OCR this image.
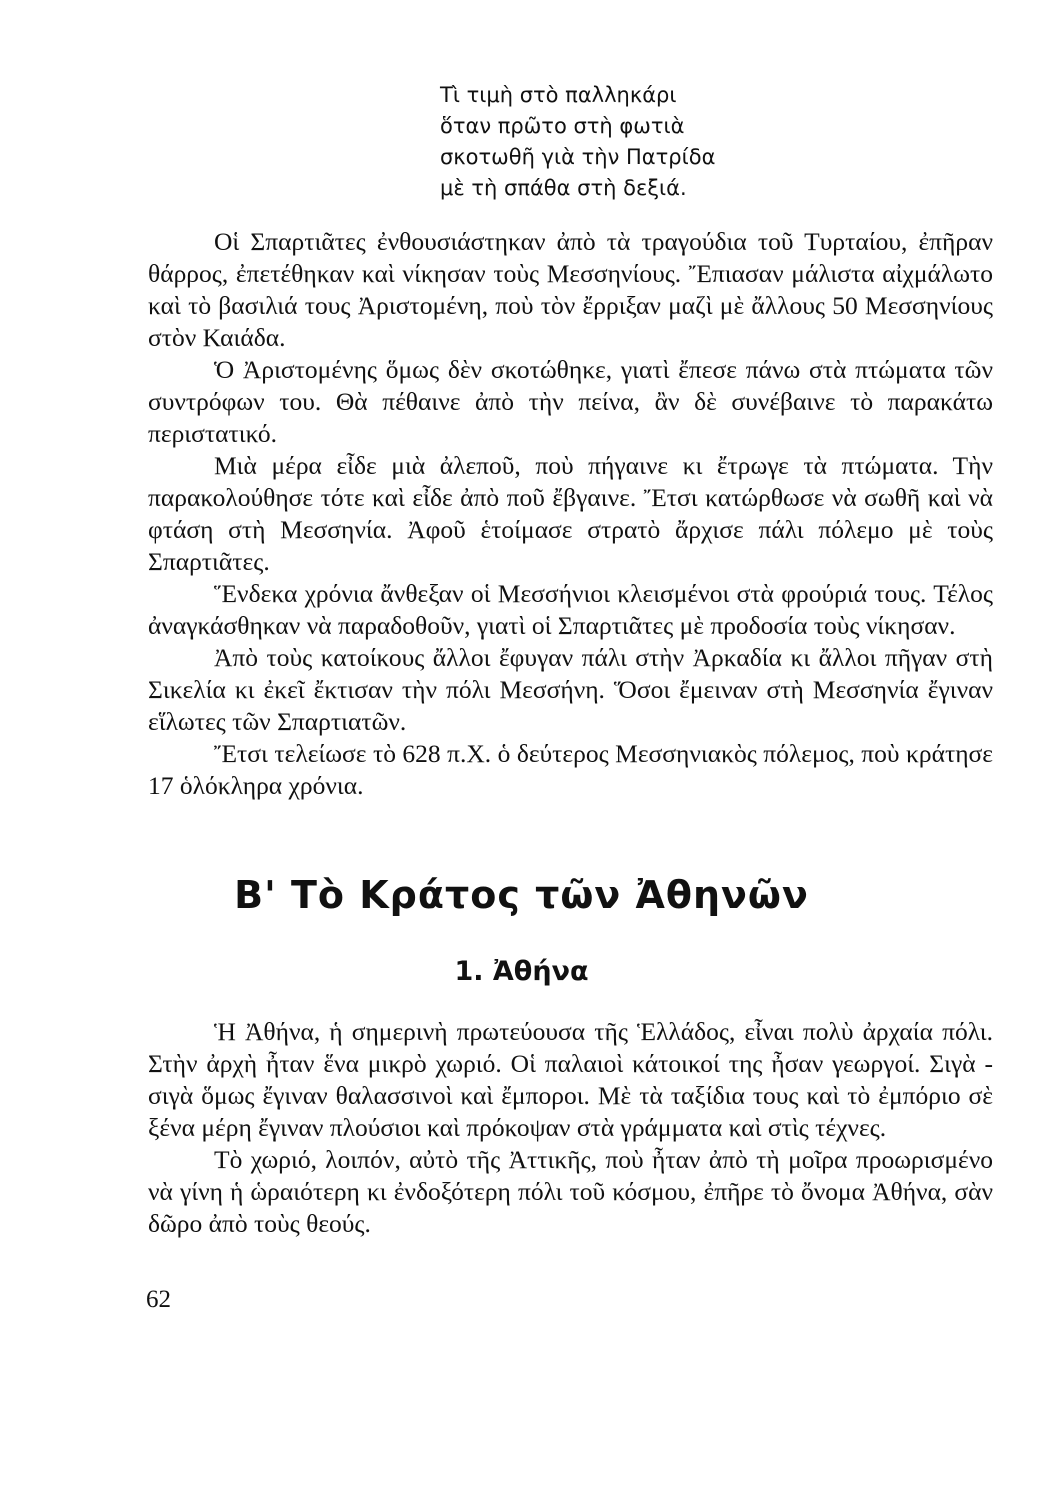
Τὶ τιμὴ στὸ παλληκάρι
ὅταν πρῶτο στὴ φωτιὰ
σκοτωθῆ γιὰ τὴν Πατρίδα
μὲ τὴ σπάθα στὴ δεξιά.

Οἱ Σπαρτιᾶτες ἐνθουσιάστηκαν ἀπὸ τὰ τραγούδια τοῦ Τυρταίου, ἐπῆραν θάρρος, ἐπετέθηκαν καὶ νίκησαν τοὺς Μεσσηνίους. Ἔπιασαν μάλιστα αἰχμάλωτο καὶ τὸ βασιλιά τους Ἀριστομένη, ποὺ τὸν ἔρριξαν μαζὶ μὲ ἄλλους 50 Μεσσηνίους στὸν Καιάδα.

Ὁ Ἀριστομένης ὅμως δὲν σκοτώθηκε, γιατὶ ἔπεσε πάνω στὰ πτώματα τῶν συντρόφων του. Θὰ πέθαινε ἀπὸ τὴν πείνα, ἂν δὲ συνέβαινε τὸ παρακάτω περιστατικό.

Μιὰ μέρα εἶδε μιὰ ἀλεποῦ, ποὺ πήγαινε κι ἔτρωγε τὰ πτώματα. Τὴν παρακολούθησε τότε καὶ εἶδε ἀπὸ ποῦ ἔβγαινε. Ἔτσι κατώρθωσε νὰ σωθῆ καὶ νὰ φτάση στὴ Μεσσηνία. Ἀφοῦ ἑτοίμασε στρατὸ ἄρχισε πάλι πόλεμο μὲ τοὺς Σπαρτιᾶτες.

Ἕνδεκα χρόνια ἄνθεξαν οἱ Μεσσήνιοι κλεισμένοι στὰ φρούριά τους. Τέλος ἀναγκάσθηκαν νὰ παραδοθοῦν, γιατὶ οἱ Σπαρτιᾶτες μὲ προδοσία τοὺς νίκησαν.

Ἀπὸ τοὺς κατοίκους ἄλλοι ἔφυγαν πάλι στὴν Ἀρκαδία κι ἄλλοι πῆγαν στὴ Σικελία κι ἐκεῖ ἔκτισαν τὴν πόλι Μεσσήνη. Ὅσοι ἔμειναν στὴ Μεσσηνία ἔγιναν εἵλωτες τῶν Σπαρτιατῶν.

Ἔτσι τελείωσε τὸ 628 π.Χ. ὁ δεύτερος Μεσσηνιακὸς πόλεμος, ποὺ κράτησε 17 ὁλόκληρα χρόνια.

Β' Τὸ Κράτος τῶν Ἀθηνῶν
1. Ἀθήνα

Ἡ Ἀθήνα, ἡ σημερινὴ πρωτεύουσα τῆς Ἑλλάδος, εἶναι πολὺ ἀρχαία πόλι. Στὴν ἀρχὴ ἦταν ἕνα μικρὸ χωριό. Οἱ παλαιοὶ κάτοικοί της ἦσαν γεωργοί. Σιγὰ - σιγὰ ὅμως ἔγιναν θαλασσινοὶ καὶ ἔμποροι. Μὲ τὰ ταξίδια τους καὶ τὸ ἐμπόριο σὲ ξένα μέρη ἔγιναν πλούσιοι καὶ πρόκοψαν στὰ γράμματα καὶ στὶς τέχνες.

Τὸ χωριό, λοιπόν, αὐτὸ τῆς Ἀττικῆς, ποὺ ἦταν ἀπὸ τὴ μοῖρα προωρισμένο νὰ γίνη ἡ ὡραιότερη κι ἐνδοξότερη πόλι τοῦ κόσμου, ἐπῆρε τὸ ὄνομα Ἀθήνα, σὰν δῶρο ἀπὸ τοὺς θεούς.

62
